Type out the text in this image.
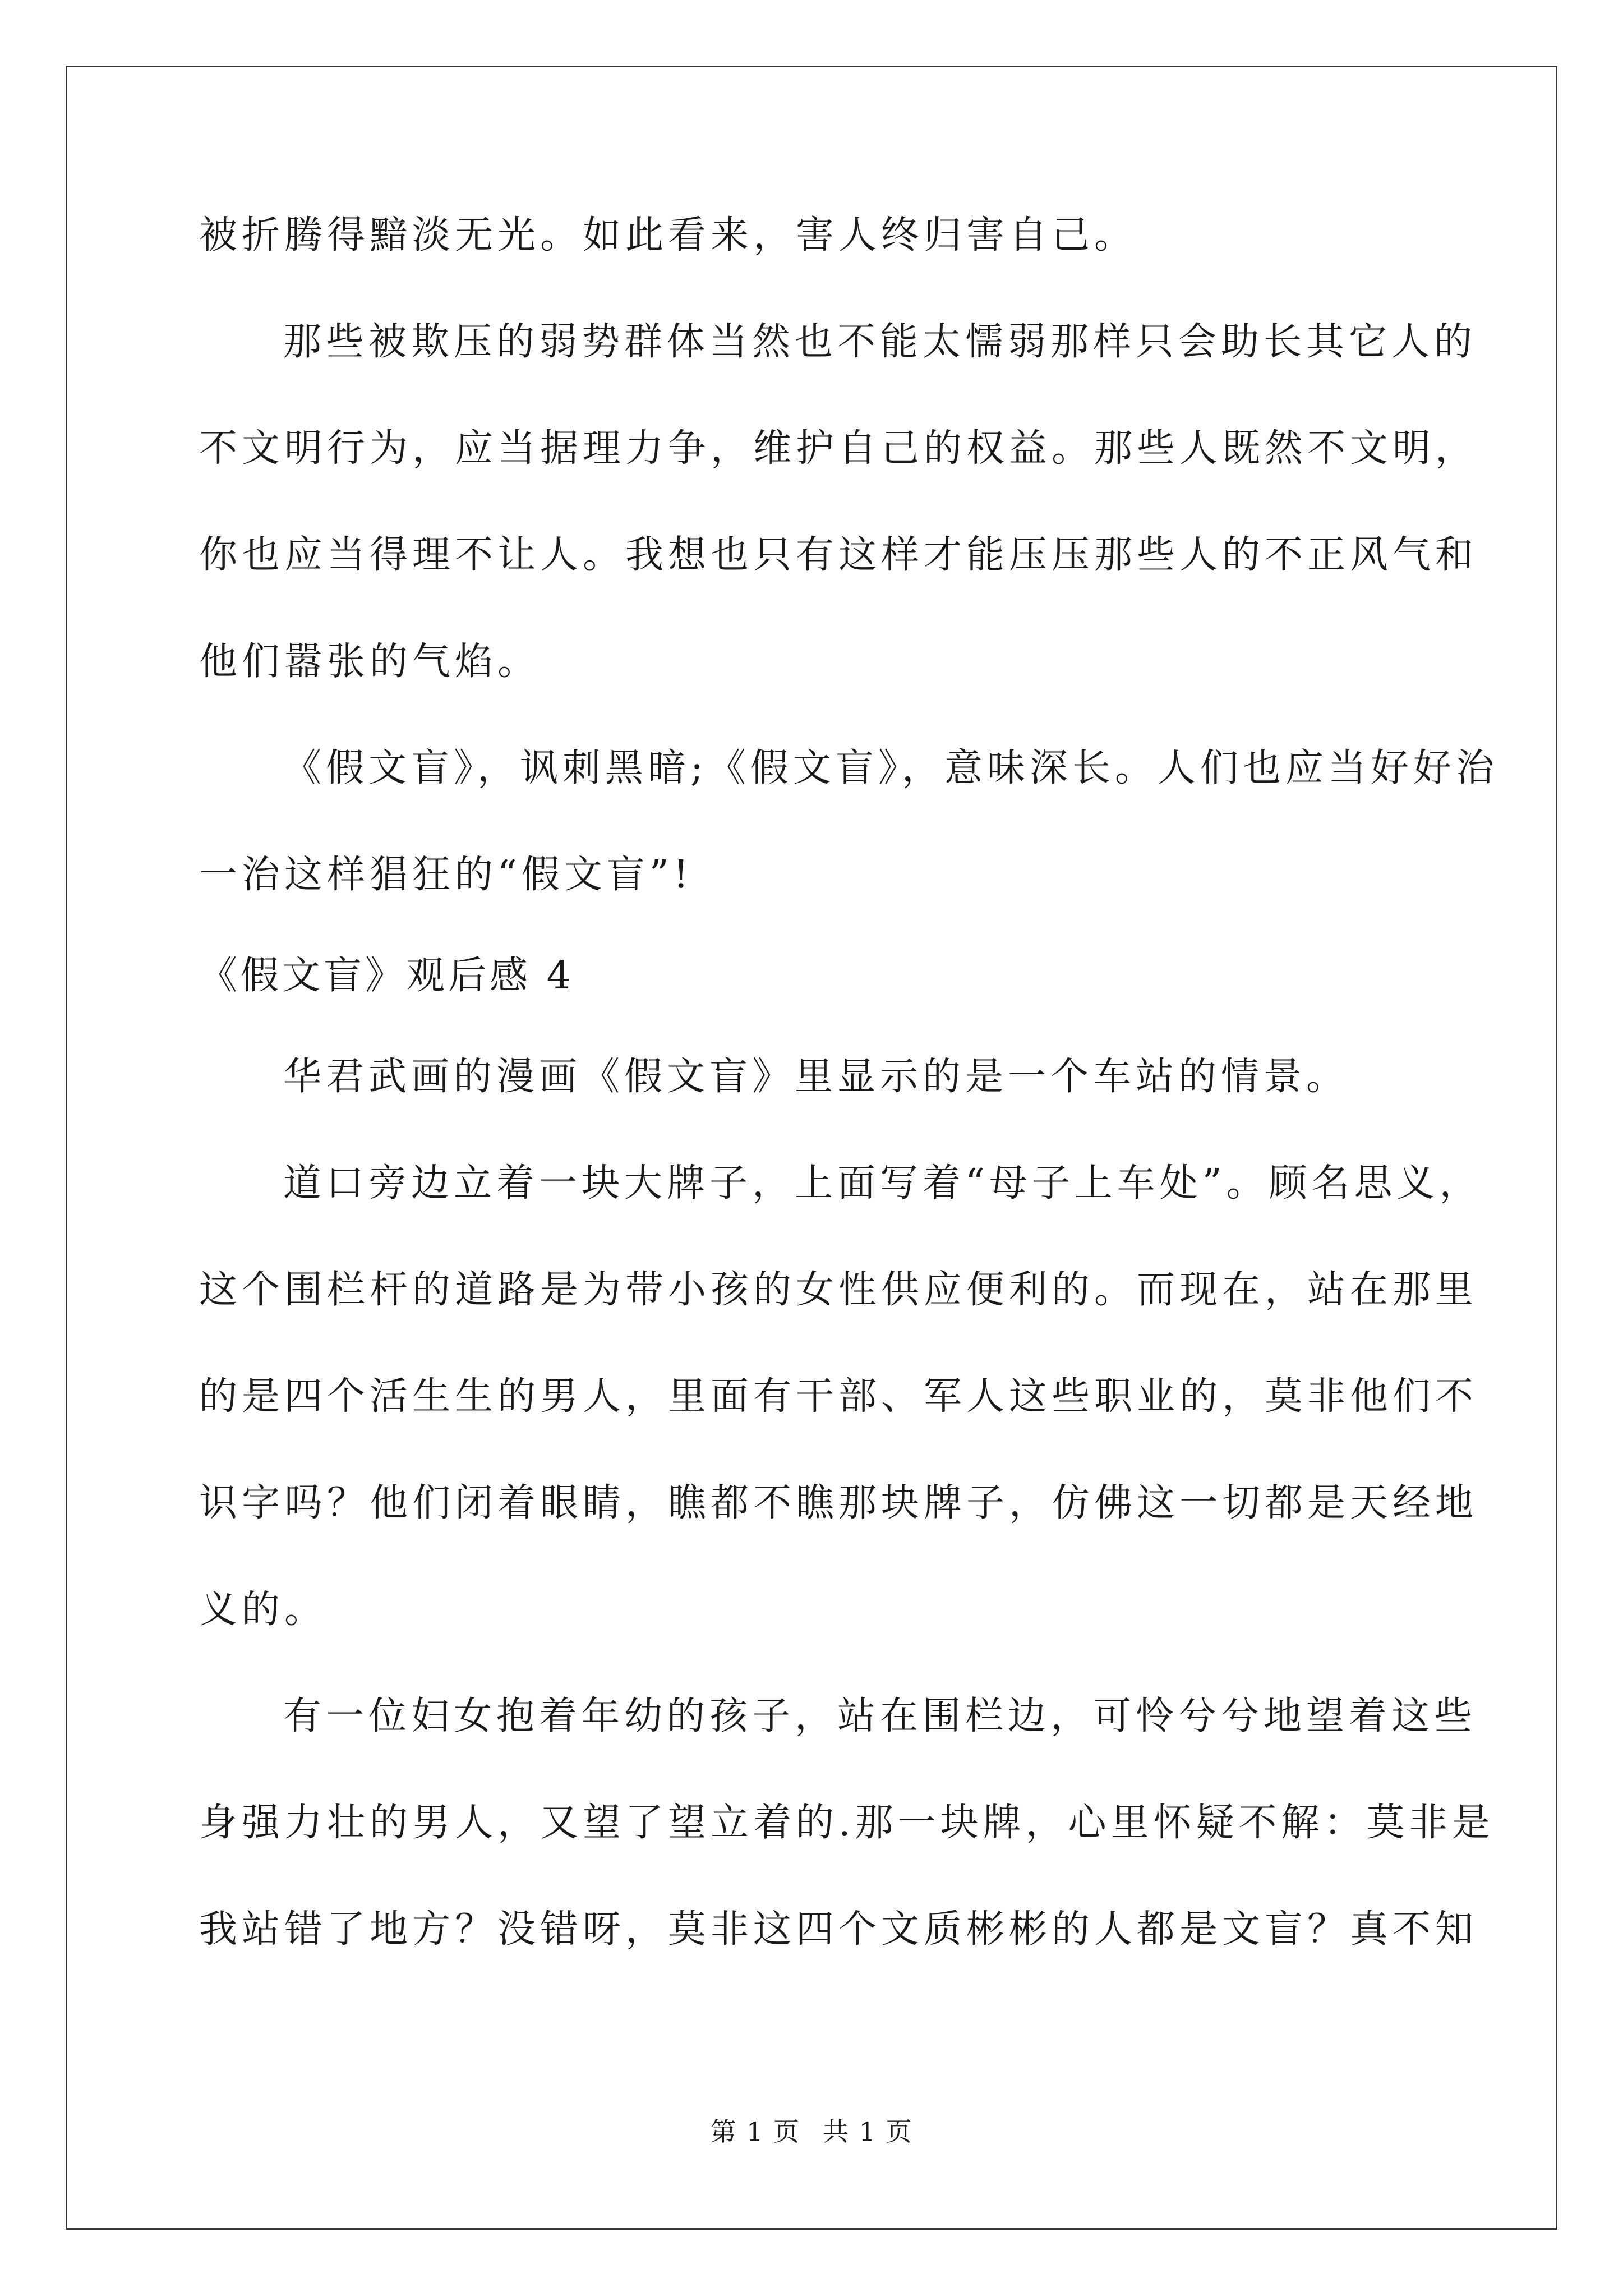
被折腾得黯淡无光。如此看来，害人终归害自己。
那些被欺压的弱势群体当然也不能太懦弱那样只会助长其它人的
不文明行为，应当据理力争，维护自己的权益。那些人既然不文明，
你也应当得理不让人。我想也只有这样才能压压那些人的不正风气和
他们嚣张的气焰。
《假文盲》，讽刺黑暗;《假文盲》，意味深长。人们也应当好好治
一治这样猖狂的“假文盲”!
《假文盲》观后感 4
华君武画的漫画《假文盲》里显示的是一个车站的情景。
道口旁边立着一块大牌子，上面写着“母子上车处”。顾名思义，
这个围栏杆的道路是为带小孩的女性供应便利的。而现在，站在那里
的是四个活生生的男人，里面有干部、军人这些职业的，莫非他们不
识字吗？他们闭着眼睛，瞧都不瞧那块牌子，仿佛这一切都是天经地
义的。
有一位妇女抱着年幼的孩子，站在围栏边，可怜兮兮地望着这些
身强力壮的男人，又望了望立着的.那一块牌，心里怀疑不解：莫非是
我站错了地方？没错呀，莫非这四个文质彬彬的人都是文盲？真不知
第 1 页 共 1 页
